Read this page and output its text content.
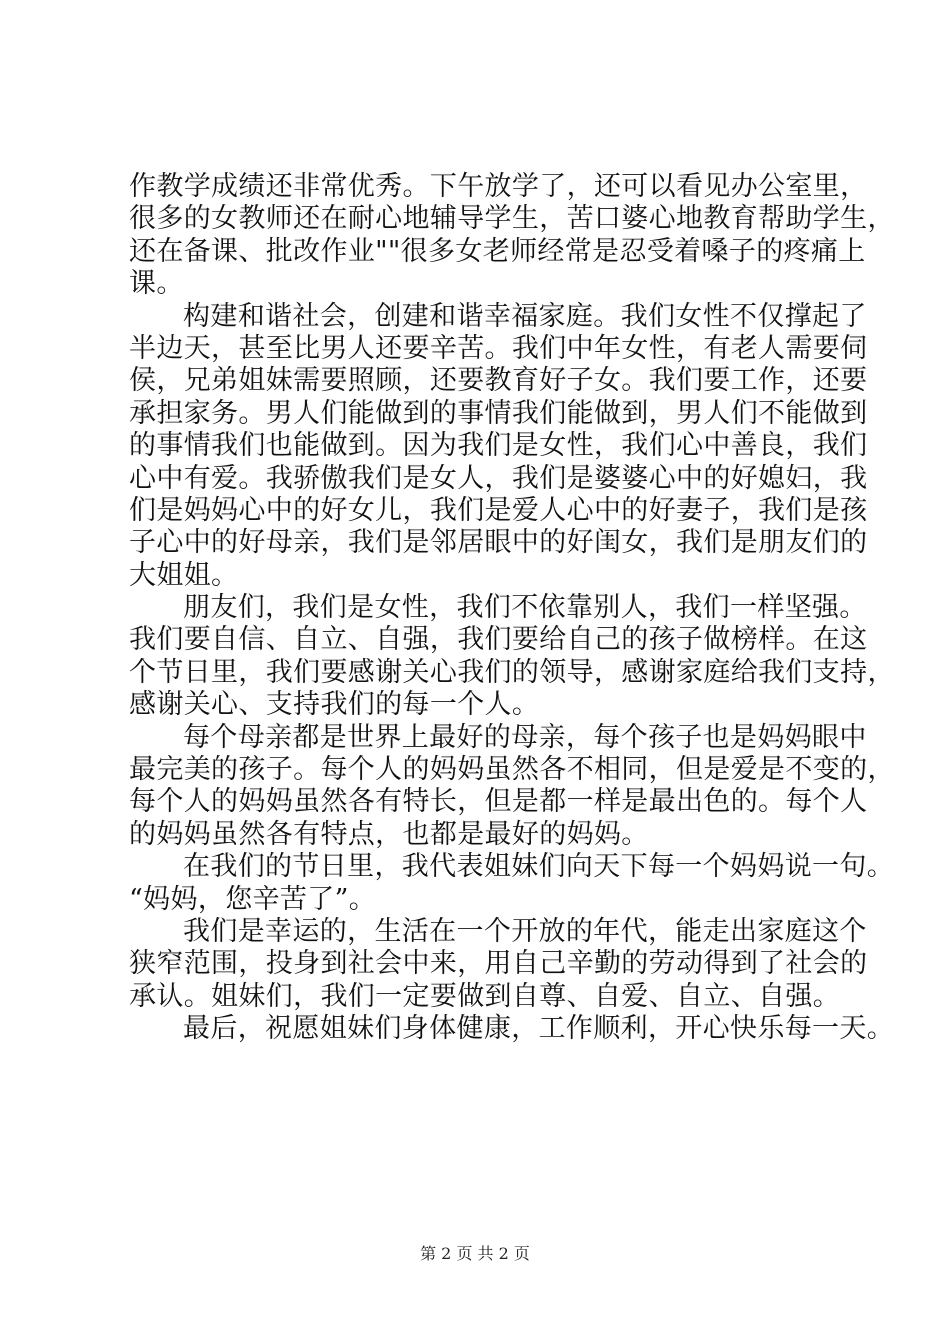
作教学成绩还非常优秀。下午放学了，还可以看见办公室里，
很多的女教师还在耐心地辅导学生，苦口婆心地教育帮助学生，
还在备课、批改作业""很多女老师经常是忍受着嗓子的疼痛上
课。
构建和谐社会，创建和谐幸福家庭。我们女性不仅撑起了
半边天，甚至比男人还要辛苦。我们中年女性，有老人需要伺
侯，兄弟姐妹需要照顾，还要教育好子女。我们要工作，还要
承担家务。男人们能做到的事情我们能做到，男人们不能做到
的事情我们也能做到。因为我们是女性，我们心中善良，我们
心中有爱。我骄傲我们是女人，我们是婆婆心中的好媳妇，我
们是妈妈心中的好女儿，我们是爱人心中的好妻子，我们是孩
子心中的好母亲，我们是邻居眼中的好闺女，我们是朋友们的
大姐姐。
朋友们，我们是女性，我们不依靠别人，我们一样坚强。
我们要自信、自立、自强，我们要给自己的孩子做榜样。在这
个节日里，我们要感谢关心我们的领导，感谢家庭给我们支持，
感谢关心、支持我们的每一个人。
每个母亲都是世界上最好的母亲，每个孩子也是妈妈眼中
最完美的孩子。每个人的妈妈虽然各不相同，但是爱是不变的，
每个人的妈妈虽然各有特长，但是都一样是最出色的。每个人
的妈妈虽然各有特点，也都是最好的妈妈。
在我们的节日里，我代表姐妹们向天下每一个妈妈说一句。
“妈妈，您辛苦了”。
我们是幸运的，生活在一个开放的年代，能走出家庭这个
狭窄范围，投身到社会中来，用自己辛勤的劳动得到了社会的
承认。姐妹们，我们一定要做到自尊、自爱、自立、自强。
最后，祝愿姐妹们身体健康，工作顺利，开心快乐每一天。
第 2 页 共 2 页
